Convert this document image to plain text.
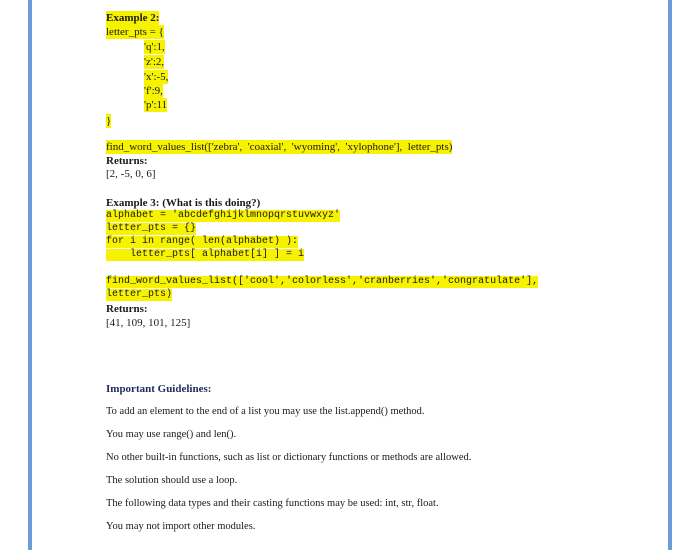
Example 2:
letter_pts = {
'q':1,
'z':2,
'x':-5,
'f':9,
'p':11
}
find_word_values_list(['zebra',  'coaxial',  'wyoming',  'xylophone'],  letter_pts)
Returns:
[2, -5, 0, 6]
Example 3: (What is this doing?)
alphabet = 'abcdefghijklmnopqrstuvwxyz'
letter_pts = {}
for i in range( len(alphabet) ):
letter_pts[ alphabet[i] ] = i
find_word_values_list(['cool','colorless','cranberries','congratulate'],
letter_pts)
Returns:
[41, 109, 101, 125]
Important Guidelines:
To add an element to the end of a list you may use the list.append() method.
You may use range() and len().
No other built-in functions, such as list or dictionary functions or methods are allowed.
The solution should use a loop.
The following data types and their casting functions may be used: int, str, float.
You may not import other modules.
